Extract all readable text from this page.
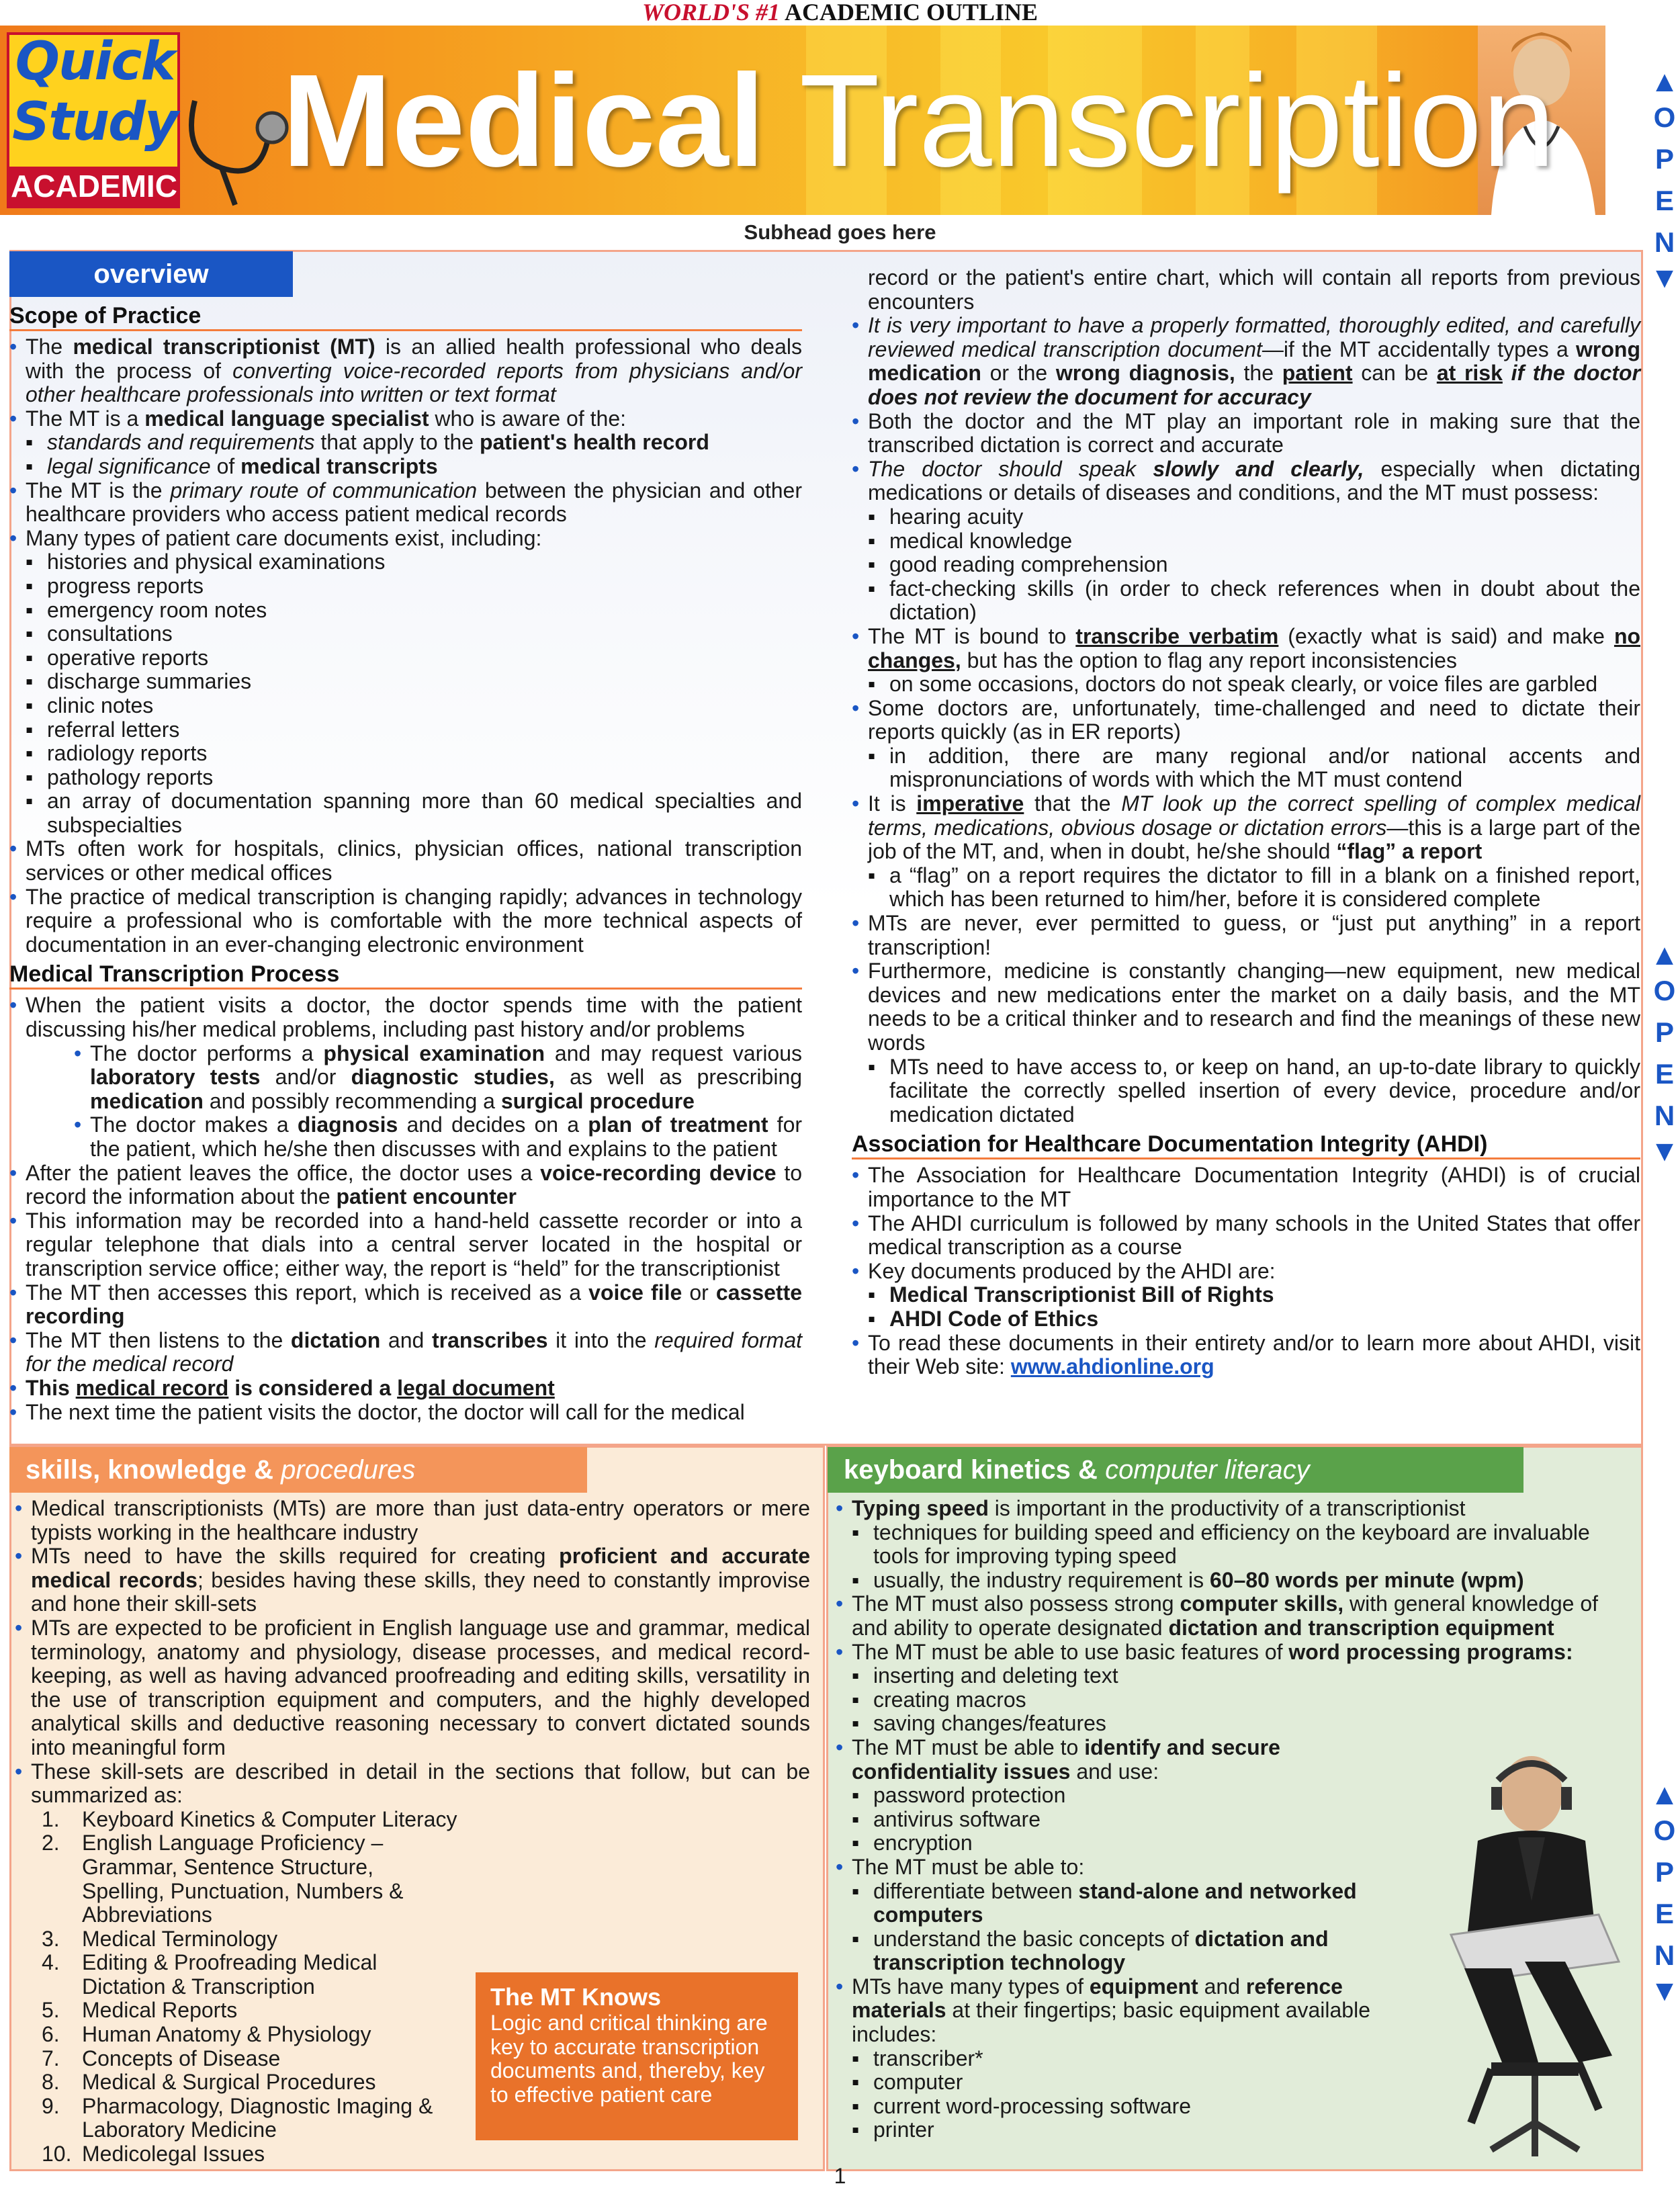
WORLD'S #1 ACADEMIC OUTLINE
Quick
Study
ACADEMIC Medical Transcription
Subhead goes here
▲
O
P
E
N
▼
▲
O
P
E
N
▼
▲
O
P
E
N
▼
overview
Scope of Practice
• The medical transcriptionist (MT) is an allied health professional who deals with the process of converting voice-recorded reports from physicians and/or other healthcare professionals into written or text format
• The MT is a medical language specialist who is aware of the:
▪ standards and requirements that apply to the patient's health record
▪ legal significance of medical transcripts
• The MT is the primary route of communication between the physician and other healthcare providers who access patient medical records
• Many types of patient care documents exist, including:
▪ histories and physical examinations
▪ progress reports
▪ emergency room notes
▪ consultations
▪ operative reports
▪ discharge summaries
▪ clinic notes
▪ referral letters
▪ radiology reports
▪ pathology reports
▪ an array of documentation spanning more than 60 medical specialties and subspecialties
• MTs often work for hospitals, clinics, physician offices, national transcription services or other medical offices
• The practice of medical transcription is changing rapidly; advances in technology require a professional who is comfortable with the more technical aspects of documentation in an ever-changing electronic environment
Medical Transcription Process
• When the patient visits a doctor, the doctor spends time with the patient discussing his/her medical problems, including past history and/or problems
• The doctor performs a physical examination and may request various laboratory tests and/or diagnostic studies, as well as prescribing medication and possibly recommending a surgical procedure
• The doctor makes a diagnosis and decides on a plan of treatment for the patient, which he/she then discusses with and explains to the patient
• After the patient leaves the office, the doctor uses a voice-recording device to record the information about the patient encounter
• This information may be recorded into a hand-held cassette recorder or into a regular telephone that dials into a central server located in the hospital or transcription service office; either way, the report is “held” for the transcriptionist
• The MT then accesses this report, which is received as a voice file or cassette recording
• The MT then listens to the dictation and transcribes it into the required format for the medical record
• This medical record is considered a legal document
• The next time the patient visits the doctor, the doctor will call for the medical

record or the patient's entire chart, which will contain all reports from previous encounters

• It is very important to have a properly formatted, thoroughly edited, and carefully reviewed medical transcription document—if the MT accidentally types a wrong medication or the wrong diagnosis, the patient can be at risk if the doctor does not review the document for accuracy
• Both the doctor and the MT play an important role in making sure that the transcribed dictation is correct and accurate
• The doctor should speak slowly and clearly, especially when dictating medications or details of diseases and conditions, and the MT must possess:
▪ hearing acuity
▪ medical knowledge
▪ good reading comprehension
▪ fact-checking skills (in order to check references when in doubt about the dictation)
• The MT is bound to transcribe verbatim (exactly what is said) and make no changes, but has the option to flag any report inconsistencies
▪ on some occasions, doctors do not speak clearly, or voice files are garbled
• Some doctors are, unfortunately, time-challenged and need to dictate their reports quickly (as in ER reports)
▪ in addition, there are many regional and/or national accents and mispronunciations of words with which the MT must contend
• It is imperative that the MT look up the correct spelling of complex medical terms, medications, obvious dosage or dictation errors—this is a large part of the job of the MT, and, when in doubt, he/she should “flag” a report
▪ a “flag” on a report requires the dictator to fill in a blank on a finished report, which has been returned to him/her, before it is considered complete
• MTs are never, ever permitted to guess, or “just put anything” in a report transcription!
• Furthermore, medicine is constantly changing—new equipment, new medical devices and new medications enter the market on a daily basis, and the MT needs to be a critical thinker and to research and find the meanings of these new words
▪ MTs need to have access to, or keep on hand, an up-to-date library to quickly facilitate the correctly spelled insertion of every device, procedure and/or medication dictated
Association for Healthcare Documentation Integrity (AHDI)
• The Association for Healthcare Documentation Integrity (AHDI) is of crucial importance to the MT
• The AHDI curriculum is followed by many schools in the United States that offer medical transcription as a course
• Key documents produced by the AHDI are:
▪ Medical Transcriptionist Bill of Rights
▪ AHDI Code of Ethics
• To read these documents in their entirety and/or to learn more about AHDI, visit their Web site: www.ahdionline.org
skills, knowledge & procedures
• Medical transcriptionists (MTs) are more than just data-entry operators or mere typists working in the healthcare industry
• MTs need to have the skills required for creating proficient and accurate medical records; besides having these skills, they need to constantly improvise and hone their skill-sets
• MTs are expected to be proficient in English language use and grammar, medical terminology, anatomy and physiology, disease processes, and medical record-keeping, as well as having advanced proofreading and editing skills, versatility in the use of transcription equipment and computers, and the highly developed analytical skills and deductive reasoning necessary to convert dictated sounds into meaningful form
• These skill-sets are described in detail in the sections that follow, but can be summarized as:
1.	Keyboard Kinetics & Computer Literacy
2.	English Language Proficiency – Grammar, Sentence Structure, Spelling, Punctuation, Numbers & Abbreviations
3.	Medical Terminology
4.	Editing & Proofreading Medical Dictation & Transcription
5.	Medical Reports
6.	Human Anatomy & Physiology
7.	Concepts of Disease
8.	Medical & Surgical Procedures
9.	Pharmacology, Diagnostic Imaging & Laboratory Medicine
10. Medicolegal Issues
The MT Knows
Logic and critical thinking are key to accurate transcription documents and, thereby, key to effective patient care
keyboard kinetics & computer literacy
• Typing speed is important in the productivity of a transcriptionist
▪ techniques for building speed and efficiency on the keyboard are invaluable tools for improving typing speed
▪ usually, the industry requirement is 60–80 words per minute (wpm)
• The MT must also possess strong computer skills, with general knowledge of and ability to operate designated dictation and transcription equipment
• The MT must be able to use basic features of word processing programs:
▪ inserting and deleting text
▪ creating macros
▪ saving changes/features
• The MT must be able to identify and secure confidentiality issues and use:
▪ password protection
▪ antivirus software
▪ encryption
• The MT must be able to:
▪ differentiate between stand-alone and networked computers
▪ understand the basic concepts of dictation and transcription technology
• MTs have many types of equipment and reference materials at their fingertips; basic equipment available includes:
▪ transcriber*
▪ computer
▪ current word-processing software
▪ printer
1
